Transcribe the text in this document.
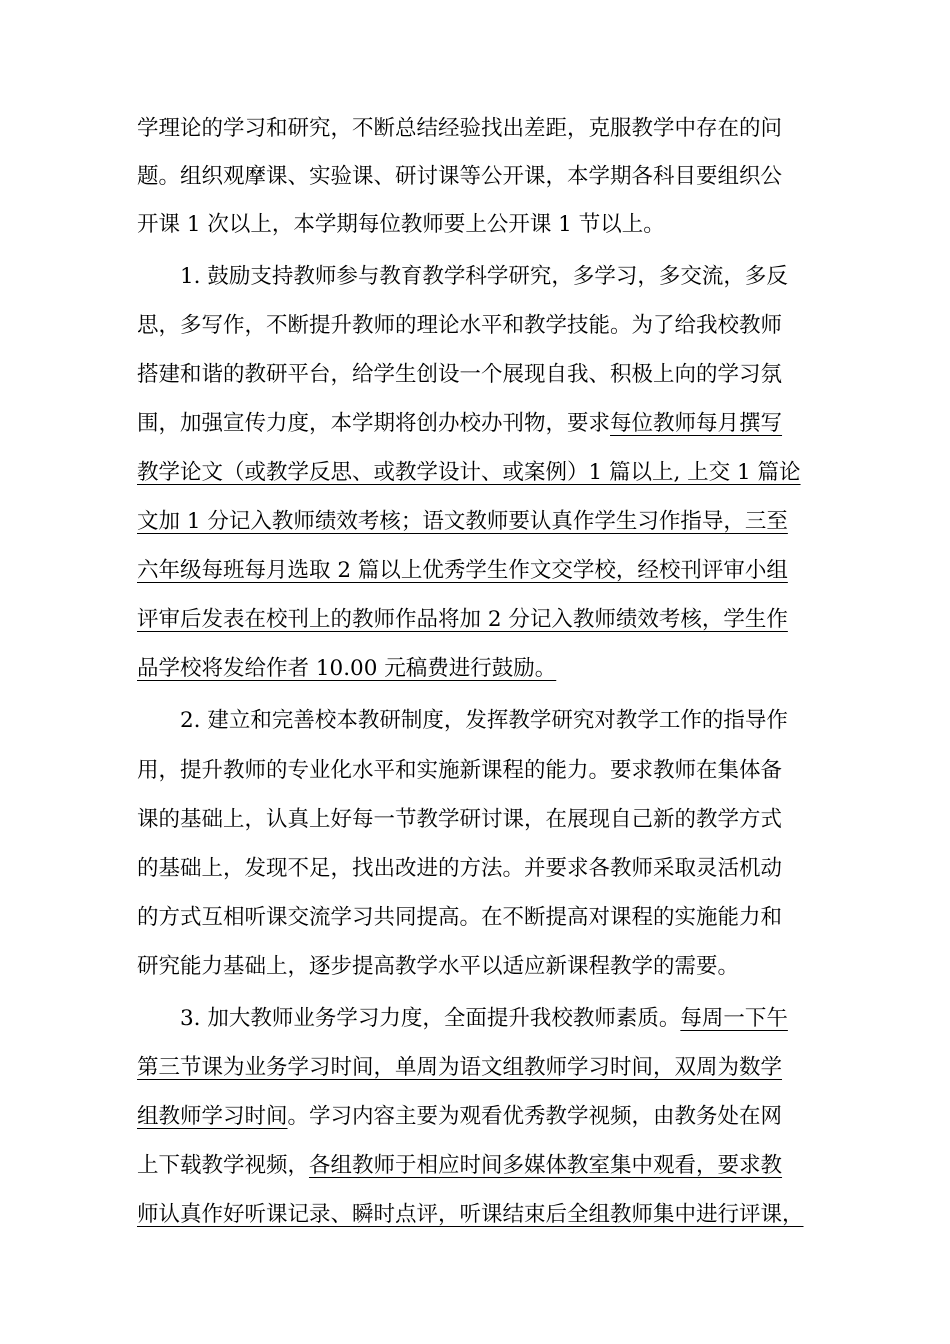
学理论的学习和研究，不断总结经验找出差距，克服教学中存在的问
题。组织观摩课、实验课、研讨课等公开课，本学期各科目要组织公
开课 1 次以上，本学期每位教师要上公开课 1 节以上。
1. 鼓励支持教师参与教育教学科学研究，多学习，多交流，多反
思，多写作，不断提升教师的理论水平和教学技能。为了给我校教师
搭建和谐的教研平台，给学生创设一个展现自我、积极上向的学习氛
围，加强宣传力度，本学期将创办校办刊物，要求每位教师每月撰写
教学论文（或教学反思、或教学设计、或案例）1 篇以上, 上交 1 篇论
文加 1 分记入教师绩效考核；语文教师要认真作学生习作指导，三至
六年级每班每月选取 2 篇以上优秀学生作文交学校，经校刊评审小组
评审后发表在校刊上的教师作品将加 2 分记入教师绩效考核，学生作
品学校将发给作者 10.00 元稿费进行鼓励。
2. 建立和完善校本教研制度，发挥教学研究对教学工作的指导作
用，提升教师的专业化水平和实施新课程的能力。要求教师在集体备
课的基础上，认真上好每一节教学研讨课，在展现自己新的教学方式
的基础上，发现不足，找出改进的方法。并要求各教师采取灵活机动
的方式互相听课交流学习共同提高。在不断提高对课程的实施能力和
研究能力基础上，逐步提高教学水平以适应新课程教学的需要。
3. 加大教师业务学习力度，全面提升我校教师素质。每周一下午
第三节课为业务学习时间，单周为语文组教师学习时间，双周为数学
组教师学习时间。学习内容主要为观看优秀教学视频，由教务处在网
上下载教学视频，各组教师于相应时间多媒体教室集中观看，要求教
师认真作好听课记录、瞬时点评，听课结束后全组教师集中进行评课，
